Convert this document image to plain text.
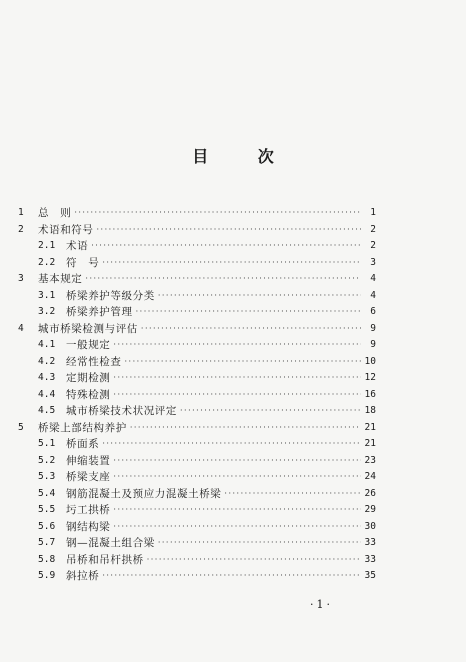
目 次
1	总　则 ·····	1
2	术语和符号 ·····	2
2.1	术语 ·····	2
2.2	符　号 ·····	3
3	基本规定 ·····	4
3.1	桥梁养护等级分类 ·····	4
3.2	桥梁养护管理 ·····	6
4	城市桥梁检测与评估 ·····	9
4.1	一般规定 ·····	9
4.2	经常性检查 ·····	10
4.3	定期检测 ·····	12
4.4	特殊检测 ·····	16
4.5	城市桥梁技术状况评定 ·····	18
5	桥梁上部结构养护 ·····	21
5.1	桥面系 ·····	21
5.2	伸缩装置 ·····	23
5.3	桥梁支座 ·····	24
5.4	钢筋混凝土及预应力混凝土桥梁 ·····	26
5.5	圬工拱桥 ·····	29
5.6	钢结构梁 ·····	30
5.7	钢—混凝土组合梁 ·····	33
5.8	吊桥和吊杆拱桥 ·····	33
5.9	斜拉桥 ·····	35
·1·
